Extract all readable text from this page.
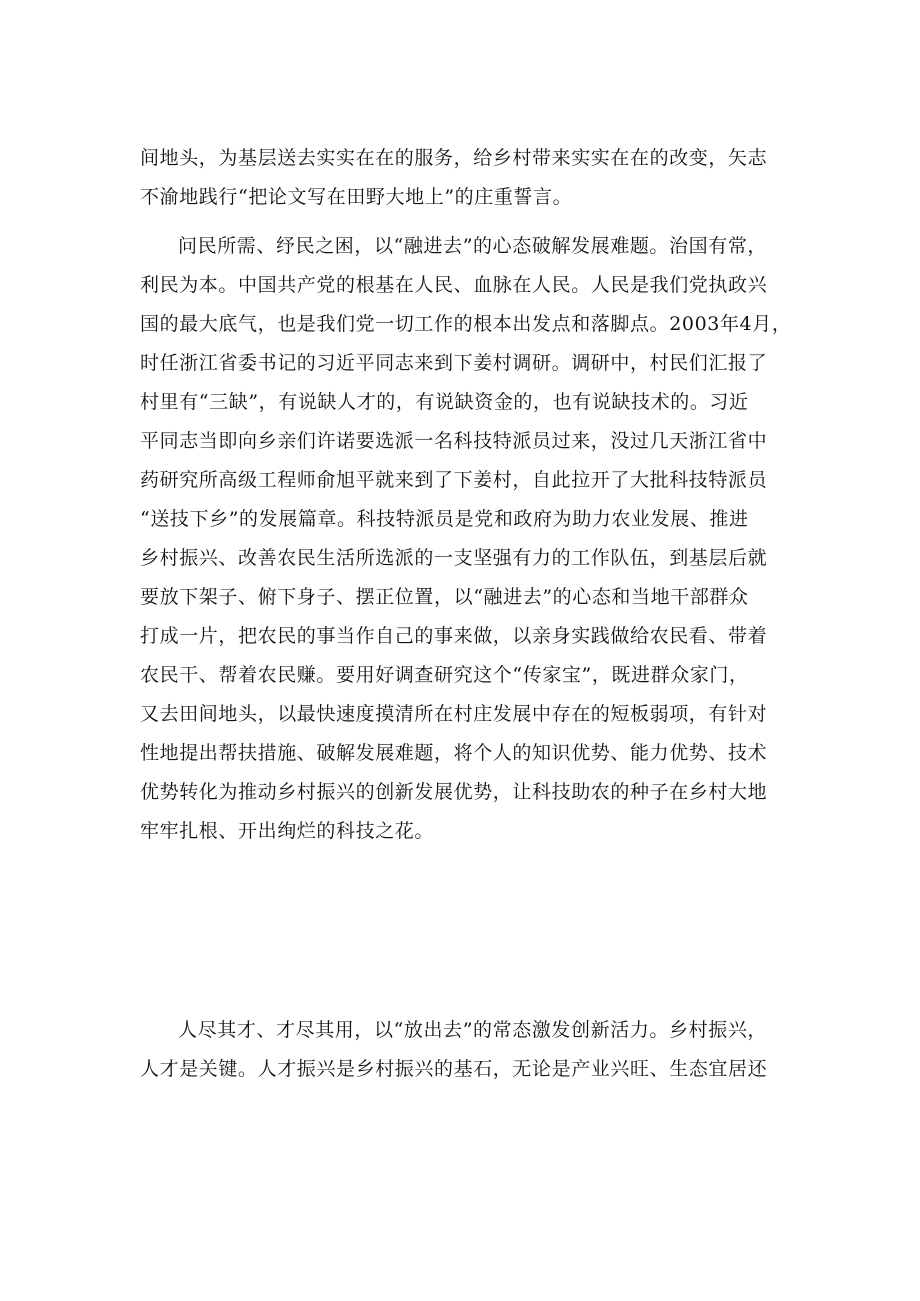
间地头，为基层送去实实在在的服务，给乡村带来实实在在的改变，矢志
不渝地践行“把论文写在田野大地上”的庄重誓言。
问民所需、纾民之困，以“融进去”的心态破解发展难题。治国有常，
利民为本。中国共产党的根基在人民、血脉在人民。人民是我们党执政兴
国的最大底气，也是我们党一切工作的根本出发点和落脚点。2003年4月，
时任浙江省委书记的习近平同志来到下姜村调研。调研中，村民们汇报了
村里有“三缺”，有说缺人才的，有说缺资金的，也有说缺技术的。习近
平同志当即向乡亲们许诺要选派一名科技特派员过来，没过几天浙江省中
药研究所高级工程师俞旭平就来到了下姜村，自此拉开了大批科技特派员
“送技下乡”的发展篇章。科技特派员是党和政府为助力农业发展、推进
乡村振兴、改善农民生活所选派的一支坚强有力的工作队伍，到基层后就
要放下架子、俯下身子、摆正位置，以“融进去”的心态和当地干部群众
打成一片，把农民的事当作自己的事来做，以亲身实践做给农民看、带着
农民干、帮着农民赚。要用好调查研究这个“传家宝”，既进群众家门，
又去田间地头，以最快速度摸清所在村庄发展中存在的短板弱项，有针对
性地提出帮扶措施、破解发展难题，将个人的知识优势、能力优势、技术
优势转化为推动乡村振兴的创新发展优势，让科技助农的种子在乡村大地
牢牢扎根、开出绚烂的科技之花。
人尽其才、才尽其用，以“放出去”的常态激发创新活力。乡村振兴，
人才是关键。人才振兴是乡村振兴的基石，无论是产业兴旺、生态宜居还
